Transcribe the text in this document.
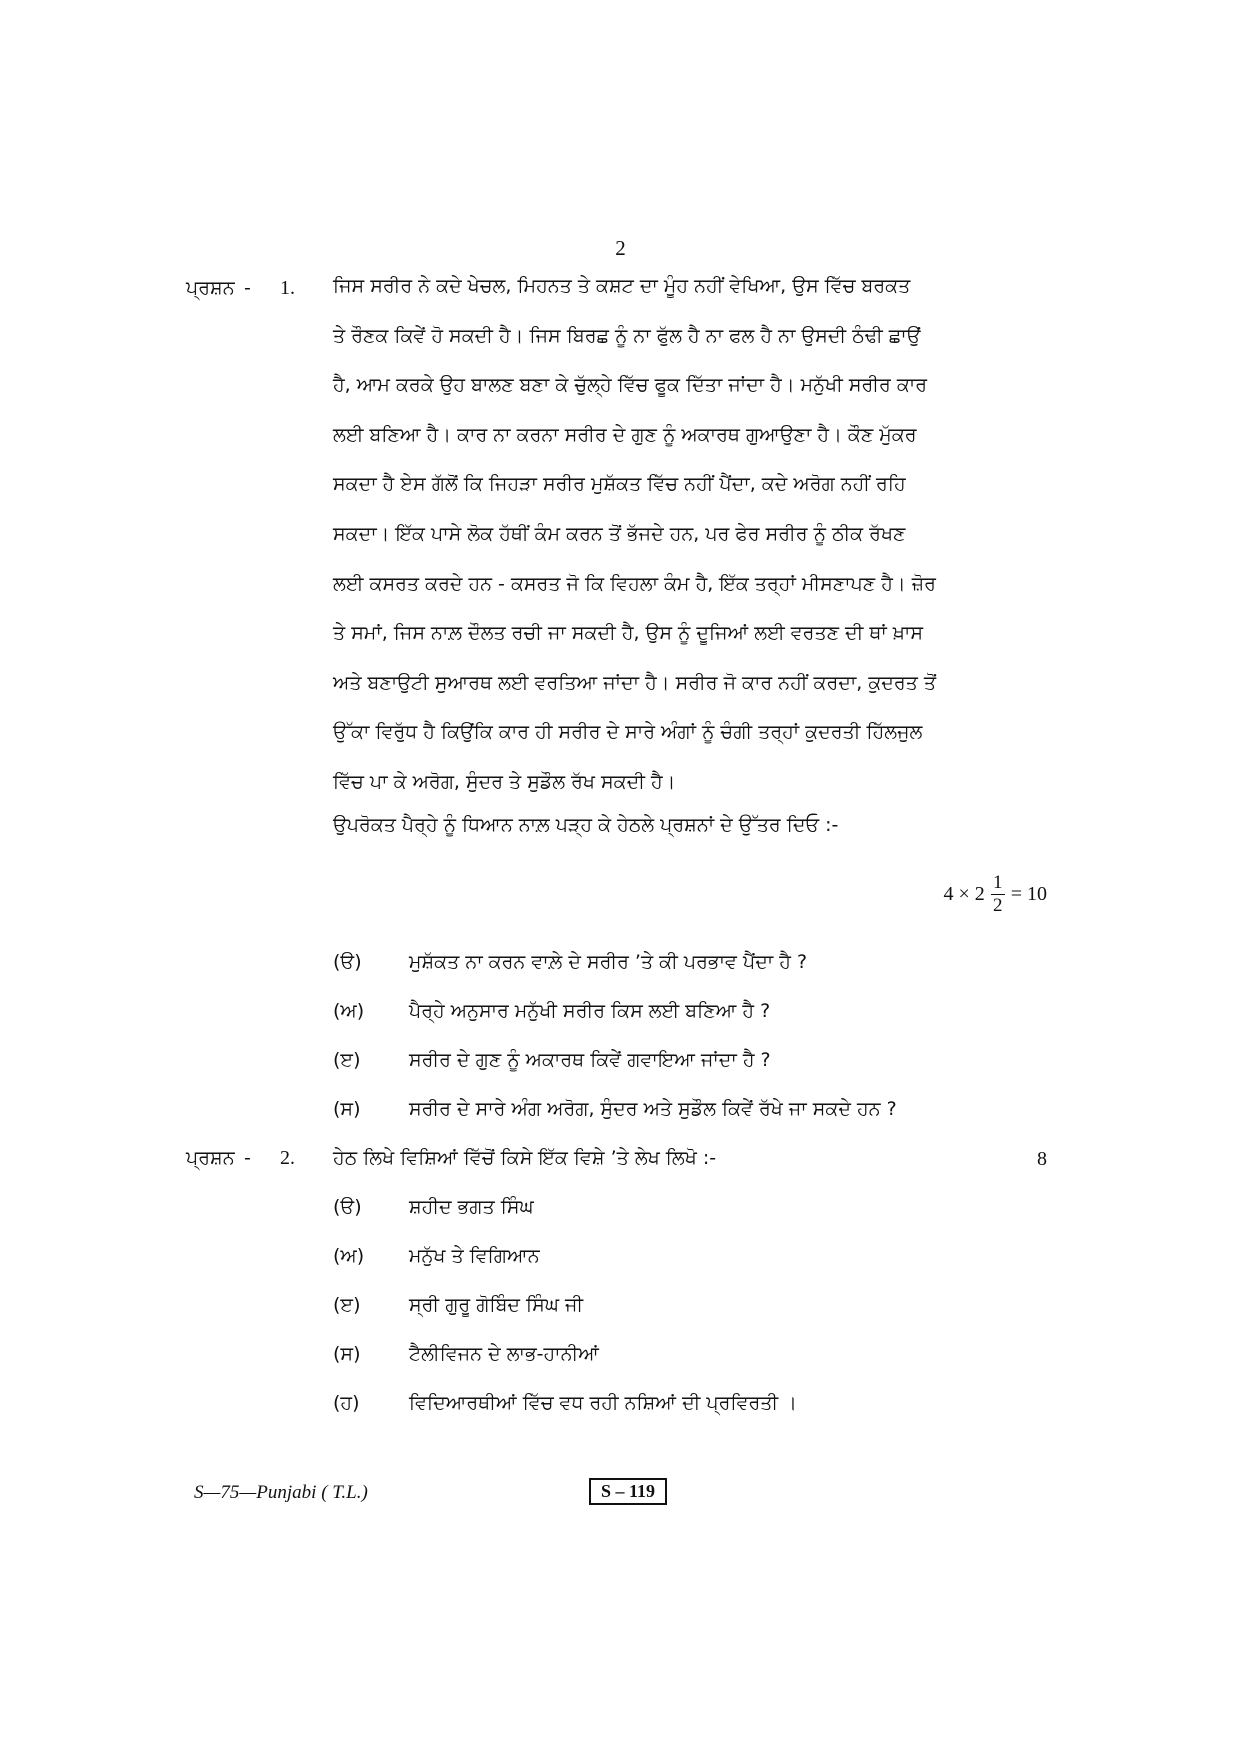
2
ਪ੍ਰਸ਼ਨ - 1. ਜਿਸ ਸਰੀਰ ਨੇ ਕਦੇ ਖੇਚਲ, ਮਿਹਨਤ ਤੇ ਕਸ਼ਟ ਦਾ ਮੂੰਹ ਨਹੀਂ ਵੇਖਿਆ, ਉਸ ਵਿੱਚ ਬਰਕਤ
ਤੇ ਰੌਣਕ ਕਿਵੇਂ ਹੋ ਸਕਦੀ ਹੈ। ਜਿਸ ਬਿਰਛ ਨੂੰ ਨਾ ਫੁੱਲ ਹੈ ਨਾ ਫਲ ਹੈ ਨਾ ਉਸਦੀ ਠੰਢੀ ਛਾਉਂ
ਹੈ, ਆਮ ਕਰਕੇ ਉਹ ਬਾਲਣ ਬਣਾ ਕੇ ਚੁੱਲ੍ਹੇ ਵਿੱਚ ਫੂਕ ਦਿੱਤਾ ਜਾਂਦਾ ਹੈ। ਮਨੁੱਖੀ ਸਰੀਰ ਕਾਰ
ਲਈ ਬਣਿਆ ਹੈ। ਕਾਰ ਨਾ ਕਰਨਾ ਸਰੀਰ ਦੇ ਗੁਣ ਨੂੰ ਅਕਾਰਥ ਗੁਆਉਣਾ ਹੈ। ਕੌਣ ਮੁੱਕਰ
ਸਕਦਾ ਹੈ ਏਸ ਗੱਲੋਂ ਕਿ ਜਿਹੜਾ ਸਰੀਰ ਮੁਸ਼ੱਕਤ ਵਿੱਚ ਨਹੀਂ ਪੈਂਦਾ, ਕਦੇ ਅਰੋਗ ਨਹੀਂ ਰਹਿ
ਸਕਦਾ। ਇੱਕ ਪਾਸੇ ਲੋਕ ਹੱਥੀਂ ਕੰਮ ਕਰਨ ਤੋਂ ਭੱਜਦੇ ਹਨ, ਪਰ ਫੇਰ ਸਰੀਰ ਨੂੰ ਠੀਕ ਰੱਖਣ
ਲਈ ਕਸਰਤ ਕਰਦੇ ਹਨ - ਕਸਰਤ ਜੋ ਕਿ ਵਿਹਲਾ ਕੰਮ ਹੈ, ਇੱਕ ਤਰ੍ਹਾਂ ਮੀਸਣਾਪਣ ਹੈ। ਜ਼ੋਰ
ਤੇ ਸਮਾਂ, ਜਿਸ ਨਾਲ਼ ਦੌਲਤ ਰਚੀ ਜਾ ਸਕਦੀ ਹੈ, ਉਸ ਨੂੰ ਦੂਜਿਆਂ ਲਈ ਵਰਤਣ ਦੀ ਥਾਂ ਖ਼ਾਸ
ਅਤੇ ਬਣਾਉਟੀ ਸੁਆਰਥ ਲਈ ਵਰਤਿਆ ਜਾਂਦਾ ਹੈ। ਸਰੀਰ ਜੋ ਕਾਰ ਨਹੀਂ ਕਰਦਾ, ਕੁਦਰਤ ਤੋਂ
ਉੱਕਾ ਵਿਰੁੱਧ ਹੈ ਕਿਉਂਕਿ ਕਾਰ ਹੀ ਸਰੀਰ ਦੇ ਸਾਰੇ ਅੰਗਾਂ ਨੂੰ ਚੰਗੀ ਤਰ੍ਹਾਂ ਕੁਦਰਤੀ ਹਿੱਲਜੁਲ
ਵਿੱਚ ਪਾ ਕੇ ਅਰੋਗ, ਸੁੰਦਰ ਤੇ ਸੁਡੌਲ ਰੱਖ ਸਕਦੀ ਹੈ।
ਉਪਰੋਕਤ ਪੈਰ੍ਹੇ ਨੂੰ ਧਿਆਨ ਨਾਲ਼ ਪੜ੍ਹ ਕੇ ਹੇਠਲੇ ਪ੍ਰਸ਼ਨਾਂ ਦੇ ਉੱਤਰ ਦਿਓ :-
$4 \times 2 \frac{1}{2} = 10$
(ੳ)	ਮੁਸ਼ੱਕਤ ਨਾ ਕਰਨ ਵਾਲ਼ੇ ਦੇ ਸਰੀਰ ’ਤੇ ਕੀ ਪਰਭਾਵ ਪੈਂਦਾ ਹੈ ?
(ਅ)	ਪੈਰ੍ਹੇ ਅਨੁਸਾਰ ਮਨੁੱਖੀ ਸਰੀਰ ਕਿਸ ਲਈ ਬਣਿਆ ਹੈ ?
(ੲ)	ਸਰੀਰ ਦੇ ਗੁਣ ਨੂੰ ਅਕਾਰਥ ਕਿਵੇਂ ਗਵਾਇਆ ਜਾਂਦਾ ਹੈ ?
(ਸ)	ਸਰੀਰ ਦੇ ਸਾਰੇ ਅੰਗ ਅਰੋਗ, ਸੁੰਦਰ ਅਤੇ ਸੁਡੌਲ ਕਿਵੇਂ ਰੱਖੇ ਜਾ ਸਕਦੇ ਹਨ ?
ਪ੍ਰਸ਼ਨ - 2. ਹੇਠ ਲਿਖੇ ਵਿਸ਼ਿਆਂ ਵਿੱਚੋਂ ਕਿਸੇ ਇੱਕ ਵਿਸ਼ੇ ’ਤੇ ਲੇਖ ਲਿਖੋ :-	8
(ੳ)	ਸ਼ਹੀਦ ਭਗਤ ਸਿੰਘ
(ਅ)	ਮਨੁੱਖ ਤੇ ਵਿਗਿਆਨ
(ੲ)	ਸ੍ਰੀ ਗੁਰੂ ਗੋਬਿੰਦ ਸਿੰਘ ਜੀ
(ਸ)	ਟੈਲੀਵਿਜਨ ਦੇ ਲਾਭ-ਹਾਨੀਆਂ
(ਹ)	ਵਿਦਿਆਰਥੀਆਂ ਵਿੱਚ ਵਧ ਰਹੀ ਨਸ਼ਿਆਂ ਦੀ ਪ੍ਰਵਿਰਤੀ ।
S—75—Punjabi ( T.L.)	S – 119
